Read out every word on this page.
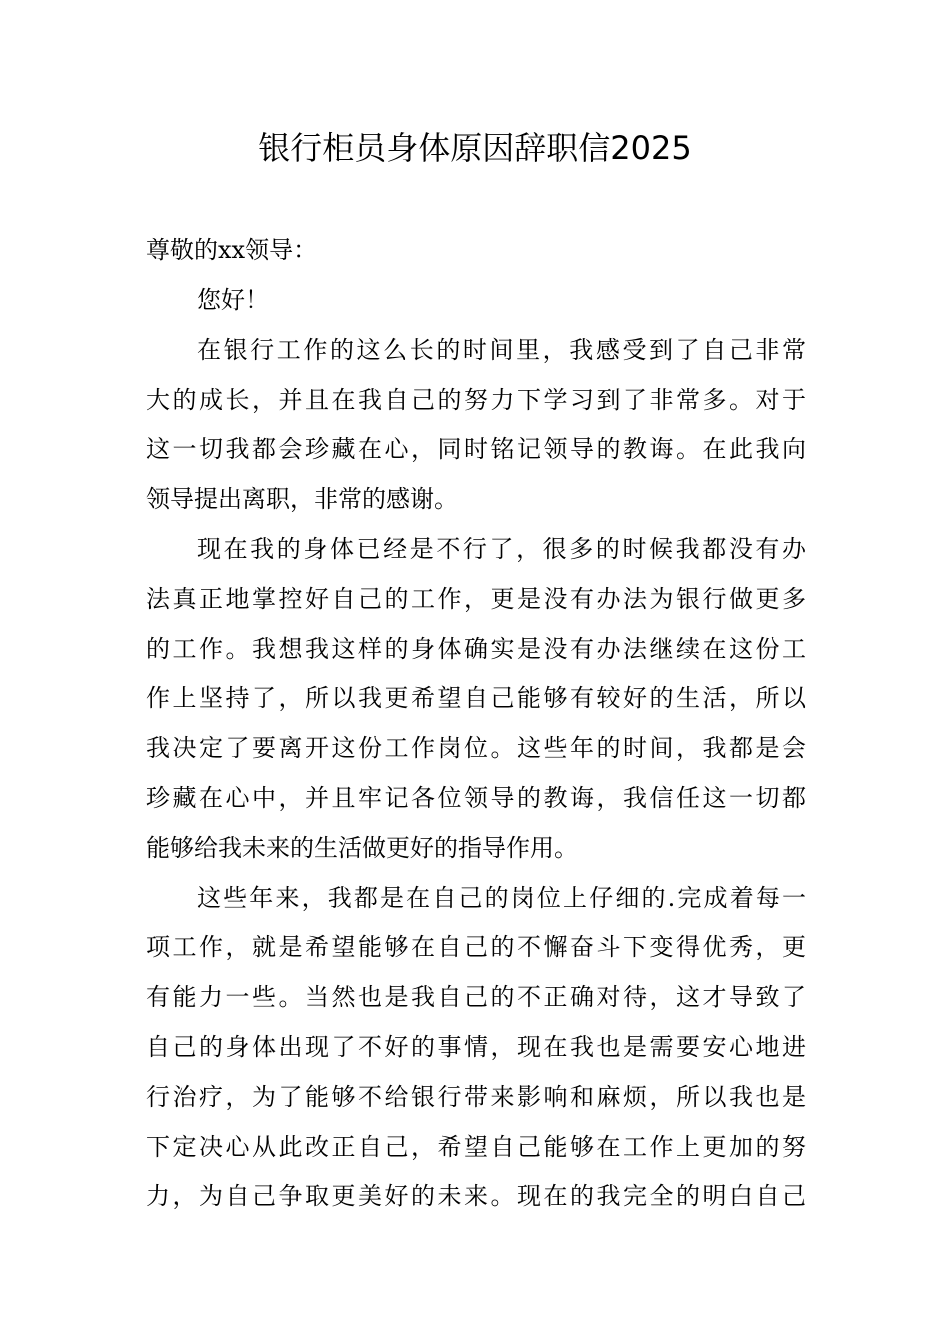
银行柜员身体原因辞职信2025
尊敬的xx领导：
您好！
在银行工作的这么长的时间里，我感受到了自己非常
大的成长，并且在我自己的努力下学习到了非常多。对于
这一切我都会珍藏在心，同时铭记领导的教诲。在此我向
领导提出离职，非常的感谢。
现在我的身体已经是不行了，很多的时候我都没有办
法真正地掌控好自己的工作，更是没有办法为银行做更多
的工作。我想我这样的身体确实是没有办法继续在这份工
作上坚持了，所以我更希望自己能够有较好的生活，所以
我决定了要离开这份工作岗位。这些年的时间，我都是会
珍藏在心中，并且牢记各位领导的教诲，我信任这一切都
能够给我未来的生活做更好的指导作用。
这些年来，我都是在自己的岗位上仔细的.完成着每一
项工作，就是希望能够在自己的不懈奋斗下变得优秀，更
有能力一些。当然也是我自己的不正确对待，这才导致了
自己的身体出现了不好的事情，现在我也是需要安心地进
行治疗，为了能够不给银行带来影响和麻烦，所以我也是
下定决心从此改正自己，希望自己能够在工作上更加的努
力，为自己争取更美好的未来。现在的我完全的明白自己
